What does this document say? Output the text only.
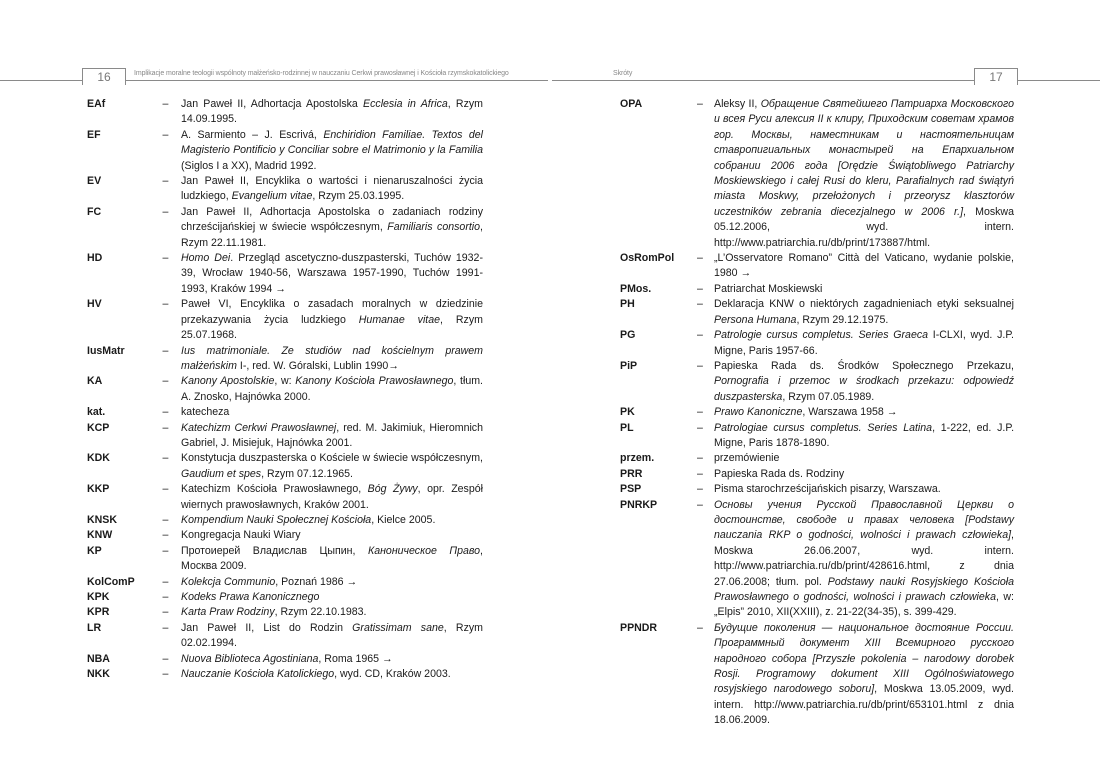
16	17
Implikacje moralne teologii wspólnoty małżeńsko-rodzinnej w nauczaniu Cerkwi prawosławnej i Kościoła rzymskokatolickiego	Skróty
EAf	–	Jan Paweł II, Adhortacja Apostolska Ecclesia in Africa, Rzym 14.09.1995.
EF	–	A. Sarmiento – J. Escrivá, Enchiridion Familiae. Textos del Magisterio Pontificio y Conciliar sobre el Matrimonio y la Familia (Siglos I a XX), Madrid 1992.
EV	–	Jan Paweł II, Encyklika o wartości i nienaruszalności życia ludzkiego, Evangelium vitae, Rzym 25.03.1995.
FC	–	Jan Paweł II, Adhortacja Apostolska o zadaniach rodziny chrześcijańskiej w świecie współczesnym, Familiaris consortio, Rzym 22.11.1981.
HD	–	Homo Dei. Przegląd ascetyczno-duszpasterski, Tuchów 1932-39, Wrocław 1940-56, Warszawa 1957-1990, Tuchów 1991-1993, Kraków 1994 →
HV	–	Paweł VI, Encyklika o zasadach moralnych w dziedzinie przekazywania życia ludzkiego Humanae vitae, Rzym 25.07.1968.
IusMatr	–	Ius matrimoniale. Ze studiów nad kościelnym prawem małżeńskim I-, red. W. Góralski, Lublin 1990→
KA	–	Kanony Apostolskie, w: Kanony Kościoła Prawosławnego, tłum. A. Znosko, Hajnówka 2000.
kat.	–	katecheza
KCP	–	Katechizm Cerkwi Prawosławnej, red. M. Jakimiuk, Hieromnich Gabriel, J. Misiejuk, Hajnówka 2001.
KDK	–	Konstytucja duszpasterska o Kościele w świecie współczesnym, Gaudium et spes, Rzym 07.12.1965.
KKP	–	Katechizm Kościoła Prawosławnego, Bóg Żywy, opr. Zespół wiernych prawosławnych, Kraków 2001.
KNSK	–	Kompendium Nauki Społecznej Kościoła, Kielce 2005.
KNW	–	Kongregacja Nauki Wiary
KP	–	Протоиерей Владислав Цыпин, Каноническое Право, Москва 2009.
KolComP	–	Kolekcja Communio, Poznań 1986 →
KPK	–	Kodeks Prawa Kanonicznego
KPR	–	Karta Praw Rodziny, Rzym 22.10.1983.
LR	–	Jan Paweł II, List do Rodzin Gratissimam sane, Rzym 02.02.1994.
NBA	–	Nuova Biblioteca Agostiniana, Roma 1965 →
NKK	–	Nauczanie Kościoła Katolickiego, wyd. CD, Kraków 2003.
OPA	–	Aleksy II, Обращение Святейшего Патриарха Московского и всея Руси алексия II к клиру, Приходским советам храмов гор. Москвы, наместникам и настоятельницам ставропигиальных монастырей на Епархиальном собрании 2006 года [Orędzie Świątobliwego Patriarchy Moskiewskiego i całej Rusi do kleru, Parafialnych rad świątyń miasta Moskwy, przełożonych i przeorysz klasztorów uczestników zebrania diecezjalnego w 2006 r.], Moskwa 05.12.2006, wyd. intern. http://www.patriarchia.ru/db/print/173887/html.
OsRomPol	–	„L’Osservatore Romano” Città del Vaticano, wydanie polskie, 1980 →
PMos.	–	Patriarchat Moskiewski
PH	–	Deklaracja KNW o niektórych zagadnieniach etyki seksualnej Persona Humana, Rzym 29.12.1975.
PG	–	Patrologie cursus completus. Series Graeca I-CLXI, wyd. J.P. Migne, Paris 1957-66.
PiP	–	Papieska Rada ds. Środków Społecznego Przekazu, Pornografia i przemoc w środkach przekazu: odpowiedź duszpasterska, Rzym 07.05.1989.
PK	–	Prawo Kanoniczne, Warszawa 1958 →
PL	–	Patrologiae cursus completus. Series Latina, 1-222, ed. J.P. Migne, Paris 1878-1890.
przem.	–	przemówienie
PRR	–	Papieska Rada ds. Rodziny
PSP	–	Pisma starochrześcijańskich pisarzy, Warszawa.
PNRKP	–	Основы учения Русской Православной Церкви о достоинстве, свободе и правах человека [Podstawy nauczania RKP o godności, wolności i prawach człowieka], Moskwa 26.06.2007, wyd. intern. http://www.patriarchia.ru/db/print/428616.html, z dnia 27.06.2008; tłum. pol. Podstawy nauki Rosyjskiego Kościoła Prawosławnego o godności, wolności i prawach człowieka, w: „Elpis” 2010, XII(XXIII), z. 21-22(34-35), s. 399-429.
PPNDR	–	Будущие поколения — национальное достояние России. Программный документ XIII Всемирного русского народного собора [Przyszłe pokolenia – narodowy dorobek Rosji. Programowy dokument XIII Ogólnoświatowego rosyjskiego narodowego soboru], Moskwa 13.05.2009, wyd. intern. http://www.patriarchia.ru/db/print/653101.html z dnia 18.06.2009.
